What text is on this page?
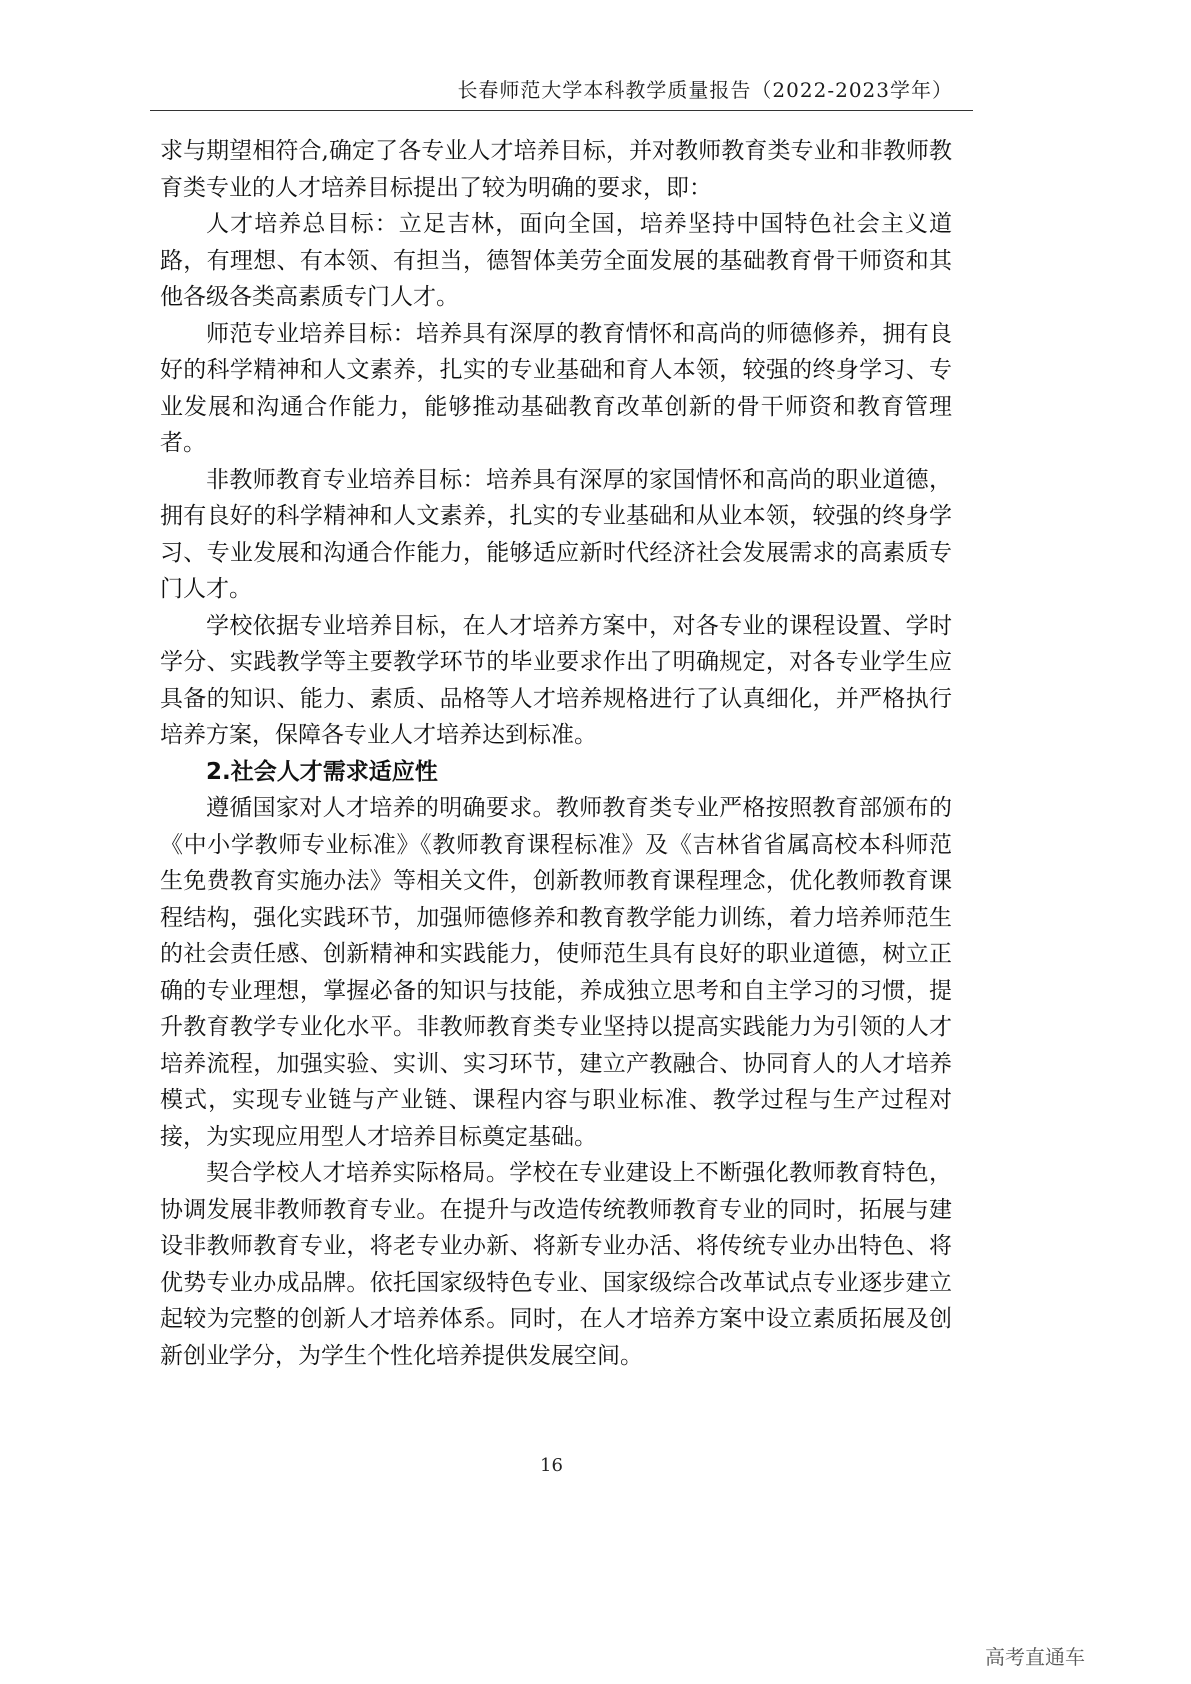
长春师范大学本科教学质量报告（2022-2023学年）

求与期望相符合,确定了各专业人才培养目标，并对教师教育类专业和非教师教育类专业的人才培养目标提出了较为明确的要求，即：

人才培养总目标：立足吉林，面向全国，培养坚持中国特色社会主义道路，有理想、有本领、有担当，德智体美劳全面发展的基础教育骨干师资和其他各级各类高素质专门人才。

师范专业培养目标：培养具有深厚的教育情怀和高尚的师德修养，拥有良好的科学精神和人文素养，扎实的专业基础和育人本领，较强的终身学习、专业发展和沟通合作能力，能够推动基础教育改革创新的骨干师资和教育管理者。

非教师教育专业培养目标：培养具有深厚的家国情怀和高尚的职业道德，拥有良好的科学精神和人文素养，扎实的专业基础和从业本领，较强的终身学习、专业发展和沟通合作能力，能够适应新时代经济社会发展需求的高素质专门人才。

学校依据专业培养目标，在人才培养方案中，对各专业的课程设置、学时学分、实践教学等主要教学环节的毕业要求作出了明确规定，对各专业学生应具备的知识、能力、素质、品格等人才培养规格进行了认真细化，并严格执行培养方案，保障各专业人才培养达到标准。

2.社会人才需求适应性

遵循国家对人才培养的明确要求。教师教育类专业严格按照教育部颁布的《中小学教师专业标准》《教师教育课程标准》及《吉林省省属高校本科师范生免费教育实施办法》等相关文件，创新教师教育课程理念，优化教师教育课程结构，强化实践环节，加强师德修养和教育教学能力训练，着力培养师范生的社会责任感、创新精神和实践能力，使师范生具有良好的职业道德，树立正确的专业理想，掌握必备的知识与技能，养成独立思考和自主学习的习惯，提升教育教学专业化水平。非教师教育类专业坚持以提高实践能力为引领的人才培养流程，加强实验、实训、实习环节，建立产教融合、协同育人的人才培养模式，实现专业链与产业链、课程内容与职业标准、教学过程与生产过程对接，为实现应用型人才培养目标奠定基础。

契合学校人才培养实际格局。学校在专业建设上不断强化教师教育特色，协调发展非教师教育专业。在提升与改造传统教师教育专业的同时，拓展与建设非教师教育专业，将老专业办新、将新专业办活、将传统专业办出特色、将优势专业办成品牌。依托国家级特色专业、国家级综合改革试点专业逐步建立起较为完整的创新人才培养体系。同时，在人才培养方案中设立素质拓展及创新创业学分，为学生个性化培养提供发展空间。

16
高考直通车
